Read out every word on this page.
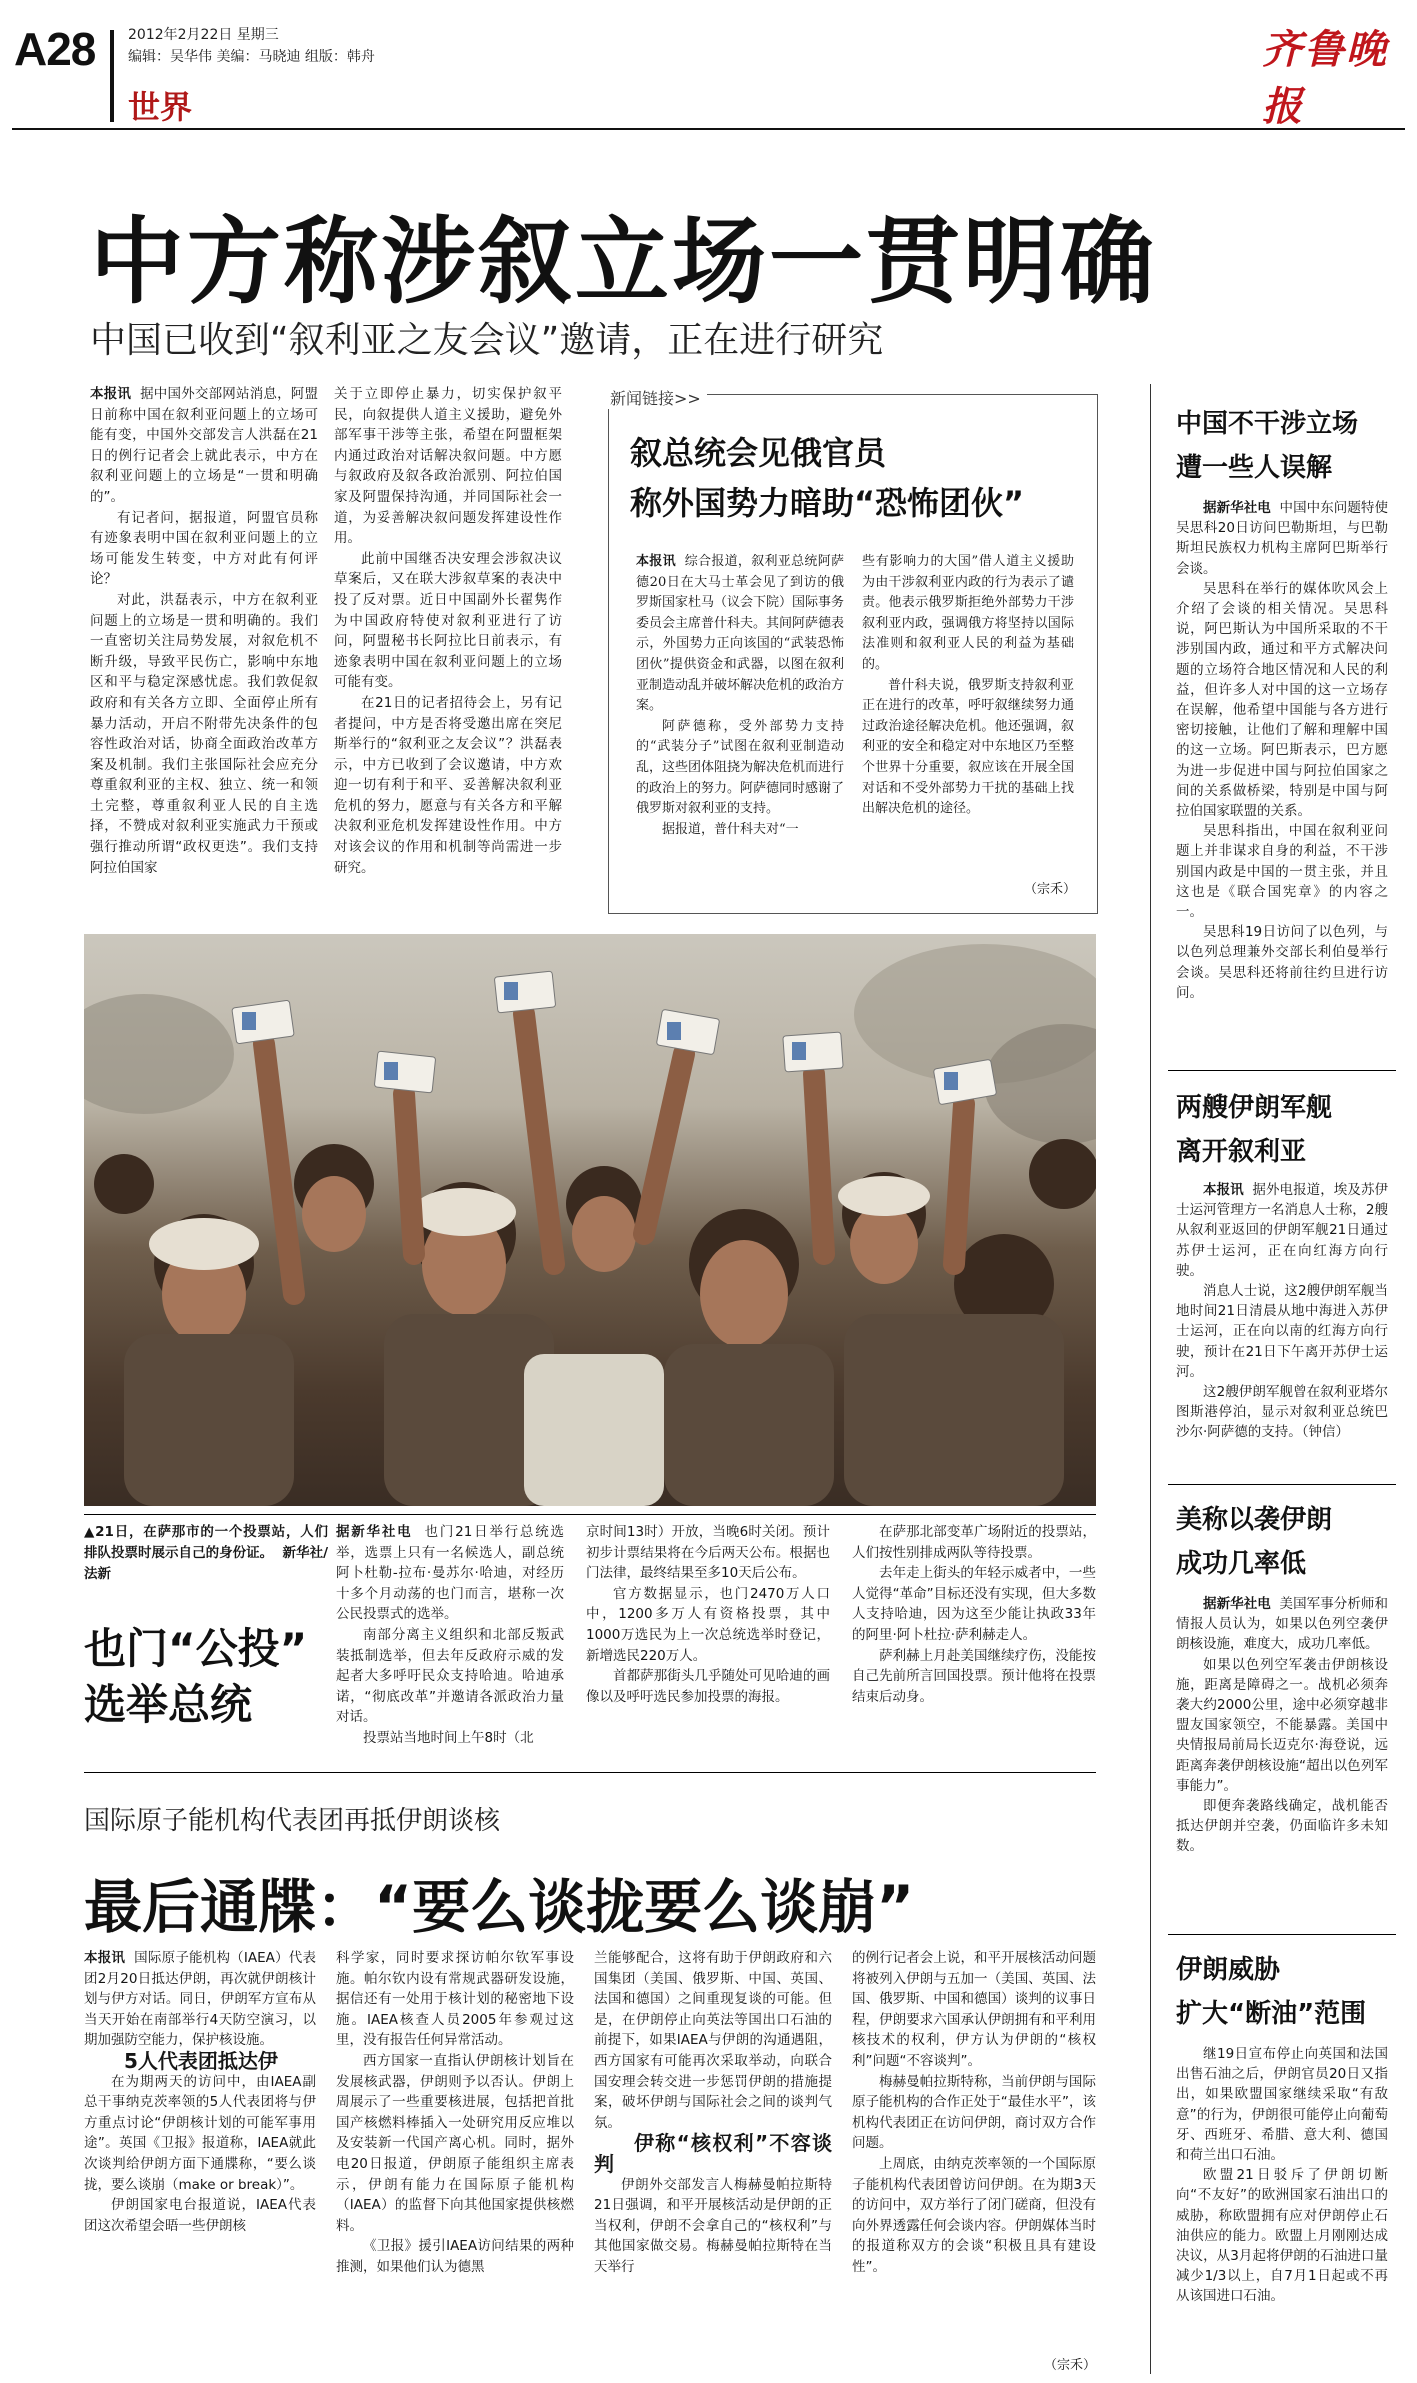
A28 2012年2月22日 星期三
编辑：吴华伟 美编：马晓迪 组版：韩舟
世界
齐鲁晚报
中方称涉叙立场一贯明确
中国已收到“叙利亚之友会议”邀请，正在进行研究

本报讯 据中国外交部网站消息，阿盟日前称中国在叙利亚问题上的立场可能有变，中国外交部发言人洪磊在21日的例行记者会上就此表示，中方在叙利亚问题上的立场是“一贯和明确的”。

有记者问，据报道，阿盟官员称有迹象表明中国在叙利亚问题上的立场可能发生转变，中方对此有何评论？

对此，洪磊表示，中方在叙利亚问题上的立场是一贯和明确的。我们一直密切关注局势发展，对叙危机不断升级，导致平民伤亡，影响中东地区和平与稳定深感忧虑。我们敦促叙政府和有关各方立即、全面停止所有暴力活动，开启不附带先决条件的包容性政治对话，协商全面政治改革方案及机制。我们主张国际社会应充分尊重叙利亚的主权、独立、统一和领土完整，尊重叙利亚人民的自主选择，不赞成对叙利亚实施武力干预或强行推动所谓“政权更迭”。我们支持阿拉伯国家

关于立即停止暴力，切实保护叙平民，向叙提供人道主义援助，避免外部军事干涉等主张，希望在阿盟框架内通过政治对话解决叙问题。中方愿与叙政府及叙各政治派别、阿拉伯国家及阿盟保持沟通，并同国际社会一道，为妥善解决叙问题发挥建设性作用。

此前中国继否决安理会涉叙决议草案后，又在联大涉叙草案的表决中投了反对票。近日中国副外长翟隽作为中国政府特使对叙利亚进行了访问，阿盟秘书长阿拉比日前表示，有迹象表明中国在叙利亚问题上的立场可能有变。

在21日的记者招待会上，另有记者提问，中方是否将受邀出席在突尼斯举行的“叙利亚之友会议”？洪磊表示，中方已收到了会议邀请，中方欢迎一切有利于和平、妥善解决叙利亚危机的努力，愿意与有关各方和平解决叙利亚危机发挥建设性作用。中方对该会议的作用和机制等尚需进一步研究。

新闻链接>>
叙总统会见俄官员
称外国势力暗助“恐怖团伙”

本报讯 综合报道，叙利亚总统阿萨德20日在大马士革会见了到访的俄罗斯国家杜马（议会下院）国际事务委员会主席普什科夫。其间阿萨德表示，外国势力正向该国的“武装恐怖团伙”提供资金和武器，以图在叙利亚制造动乱并破坏解决危机的政治方案。

阿萨德称，受外部势力支持的“武装分子”试图在叙利亚制造动乱，这些团体阻挠为解决危机而进行的政治上的努力。阿萨德同时感谢了俄罗斯对叙利亚的支持。

据报道，普什科夫对“一

些有影响力的大国”借人道主义援助为由干涉叙利亚内政的行为表示了谴责。他表示俄罗斯拒绝外部势力干涉叙利亚内政，强调俄方将坚持以国际法准则和叙利亚人民的利益为基础的。

普什科夫说，俄罗斯支持叙利亚正在进行的改革，呼吁叙继续努力通过政治途径解决危机。他还强调，叙利亚的安全和稳定对中东地区乃至整个世界十分重要，叙应该在开展全国对话和不受外部势力干扰的基础上找出解决危机的途径。

（宗禾）

▲21日，在萨那市的一个投票站，人们排队投票时展示自己的身份证。 新华社/法新

也门“公投”
选举总统

据新华社电 也门21日举行总统选举，选票上只有一名候选人，副总统阿卜杜勒-拉布·曼苏尔·哈迪，对经历十多个月动荡的也门而言，堪称一次公民投票式的选举。

南部分离主义组织和北部反叛武装抵制选举，但去年反政府示威的发起者大多呼吁民众支持哈迪。哈迪承诺，“彻底改革”并邀请各派政治力量对话。

投票站当地时间上午8时（北

京时间13时）开放，当晚6时关闭。预计初步计票结果将在今后两天公布。根据也门法律，最终结果至多10天后公布。

官方数据显示，也门2470万人口中，1200多万人有资格投票，其中1000万选民为上一次总统选举时登记，新增选民220万人。

首都萨那街头几乎随处可见哈迪的画像以及呼吁选民参加投票的海报。

在萨那北部变革广场附近的投票站，人们按性别排成两队等待投票。

去年走上街头的年轻示威者中，一些人觉得“革命”目标还没有实现，但大多数人支持哈迪，因为这至少能让执政33年的阿里·阿卜杜拉·萨利赫走人。

萨利赫上月赴美国继续疗伤，没能按自己先前所言回国投票。预计他将在投票结束后动身。

国际原子能机构代表团再抵伊朗谈核
最后通牒：“要么谈拢要么谈崩”

本报讯 国际原子能机构（IAEA）代表团2月20日抵达伊朗，再次就伊朗核计划与伊方对话。同日，伊朗军方宣布从当天开始在南部举行4天防空演习，以期加强防空能力，保护核设施。

5人代表团抵达伊

在为期两天的访问中，由IAEA副总干事纳克茨率领的5人代表团将与伊方重点讨论“伊朗核计划的可能军事用途”。英国《卫报》报道称，IAEA就此次谈判给伊朗方面下通牒称，“要么谈拢，要么谈崩（make or break）”。

伊朗国家电台报道说，IAEA代表团这次希望会晤一些伊朗核

科学家，同时要求探访帕尔钦军事设施。帕尔钦内设有常规武器研发设施，据信还有一处用于核计划的秘密地下设施。IAEA核查人员2005年参观过这里，没有报告任何异常活动。

西方国家一直指认伊朗核计划旨在发展核武器，伊朗则予以否认。伊朗上周展示了一些重要核进展，包括把首批国产核燃料棒插入一处研究用反应堆以及安装新一代国产离心机。同时，据外电20日报道，伊朗原子能组织主席表示，伊朗有能力在国际原子能机构（IAEA）的监督下向其他国家提供核燃料。

《卫报》援引IAEA访问结果的两种推测，如果他们认为德黑

兰能够配合，这将有助于伊朗政府和六国集团（美国、俄罗斯、中国、英国、法国和德国）之间重现复谈的可能。但是，在伊朗停止向英法等国出口石油的前提下，如果IAEA与伊朗的沟通遇阻，西方国家有可能再次采取举动，向联合国安理会转交进一步惩罚伊朗的措施提案，破坏伊朗与国际社会之间的谈判气氛。

伊称“核权利”不容谈判

伊朗外交部发言人梅赫曼帕拉斯特21日强调，和平开展核活动是伊朗的正当权利，伊朗不会拿自己的“核权利”与其他国家做交易。梅赫曼帕拉斯特在当天举行

的例行记者会上说，和平开展核活动问题将被列入伊朗与五加一（美国、英国、法国、俄罗斯、中国和德国）谈判的议事日程，伊朗要求六国承认伊朗拥有和平利用核技术的权利，伊方认为伊朗的“核权利”问题“不容谈判”。

梅赫曼帕拉斯特称，当前伊朗与国际原子能机构的合作正处于“最佳水平”，该机构代表团正在访问伊朗，商讨双方合作问题。

上周底，由纳克茨率领的一个国际原子能机构代表团曾访问伊朗。在为期3天的访问中，双方举行了闭门磋商，但没有向外界透露任何会谈内容。伊朗媒体当时的报道称双方的会谈“积极且具有建设性”。

（宗禾）
中国不干涉立场
遭一些人误解

据新华社电 中国中东问题特使吴思科20日访问巴勒斯坦，与巴勒斯坦民族权力机构主席阿巴斯举行会谈。

吴思科在举行的媒体吹风会上介绍了会谈的相关情况。吴思科说，阿巴斯认为中国所采取的不干涉别国内政，通过和平方式解决问题的立场符合地区情况和人民的利益，但许多人对中国的这一立场存在误解，他希望中国能与各方进行密切接触，让他们了解和理解中国的这一立场。阿巴斯表示，巴方愿为进一步促进中国与阿拉伯国家之间的关系做桥梁，特别是中国与阿拉伯国家联盟的关系。

吴思科指出，中国在叙利亚问题上并非谋求自身的利益，不干涉别国内政是中国的一贯主张，并且这也是《联合国宪章》的内容之一。

吴思科19日访问了以色列，与以色列总理兼外交部长利伯曼举行会谈。吴思科还将前往约旦进行访问。

两艘伊朗军舰
离开叙利亚

本报讯 据外电报道，埃及苏伊士运河管理方一名消息人士称，2艘从叙利亚返回的伊朗军舰21日通过苏伊士运河，正在向红海方向行驶。

消息人士说，这2艘伊朗军舰当地时间21日清晨从地中海进入苏伊士运河，正在向以南的红海方向行驶，预计在21日下午离开苏伊士运河。

这2艘伊朗军舰曾在叙利亚塔尔图斯港停泊，显示对叙利亚总统巴沙尔·阿萨德的支持。（钟信）

美称以袭伊朗
成功几率低

据新华社电 美国军事分析师和情报人员认为，如果以色列空袭伊朗核设施，难度大，成功几率低。

如果以色列空军袭击伊朗核设施，距离是障碍之一。战机必须奔袭大约2000公里，途中必须穿越非盟友国家领空，不能暴露。美国中央情报局前局长迈克尔·海登说，远距离奔袭伊朗核设施“超出以色列军事能力”。

即便奔袭路线确定，战机能否抵达伊朗并空袭，仍面临许多未知数。

伊朗威胁
扩大“断油”范围

继19日宣布停止向英国和法国出售石油之后，伊朗官员20日又指出，如果欧盟国家继续采取“有敌意”的行为，伊朗很可能停止向葡萄牙、西班牙、希腊、意大利、德国和荷兰出口石油。

欧盟21日驳斥了伊朗切断向“不友好”的欧洲国家石油出口的威胁，称欧盟拥有应对伊朗停止石油供应的能力。欧盟上月刚刚达成决议，从3月起将伊朗的石油进口量减少1/3以上，自7月1日起或不再从该国进口石油。
